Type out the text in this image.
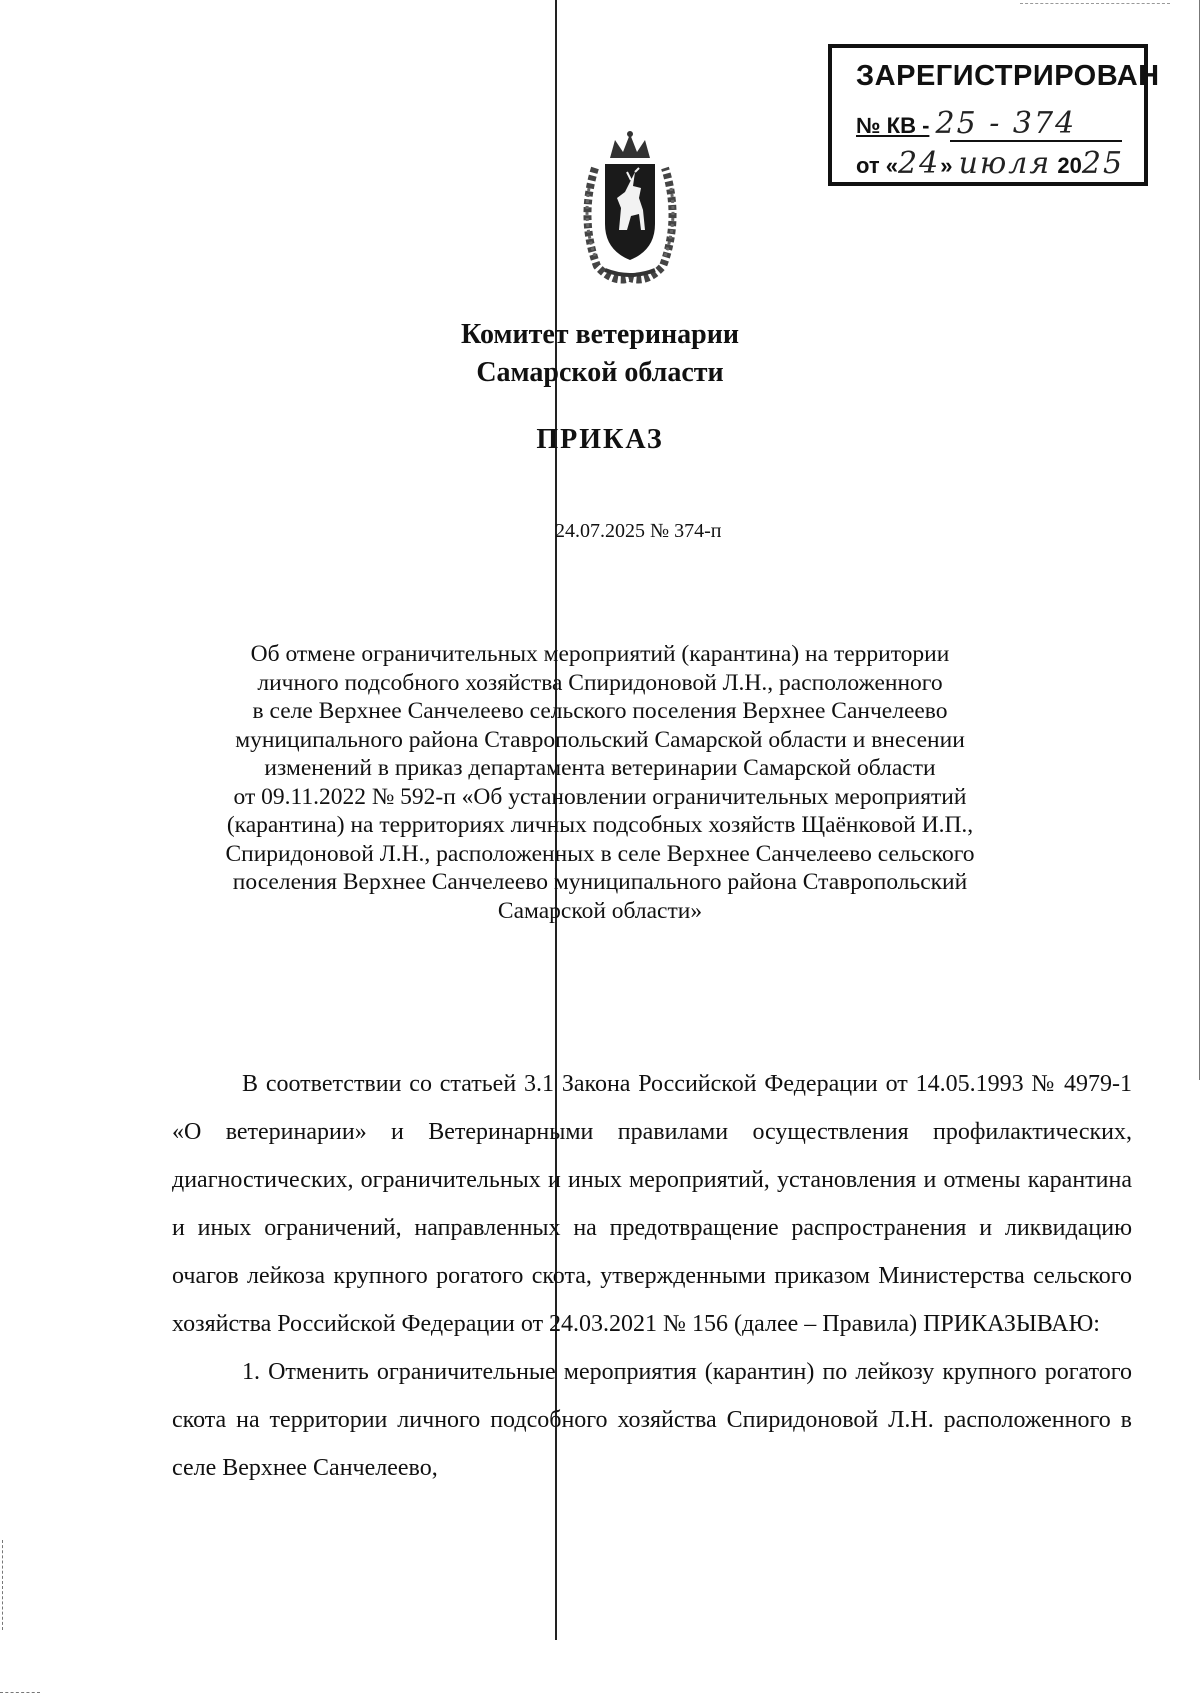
ЗАРЕГИСТРИРОВАН
№ КВ - 25 - 374
от «24» июля 2025
Комитет ветеринарии
Самарской области
ПРИКАЗ
24.07.2025 № 374-п
Об отмене ограничительных мероприятий (карантина) на территории
личного подсобного хозяйства Спиридоновой Л.Н., расположенного
в селе Верхнее Санчелеево сельского поселения Верхнее Санчелеево
муниципального района Ставропольский Самарской области и внесении
изменений в приказ департамента ветеринарии Самарской области
от 09.11.2022 № 592-п «Об установлении ограничительных мероприятий
(карантина) на территориях личных подсобных хозяйств Щаёнковой И.П.,
Спиридоновой Л.Н., расположенных в селе Верхнее Санчелеево сельского
поселения Верхнее Санчелеево муниципального района Ставропольский
Самарской области»

В соответствии со статьей 3.1 Закона Российской Федерации от 14.05.1993 № 4979-1 «О ветеринарии» и Ветеринарными правилами осуществления профилактических, диагностических, ограничительных и иных мероприятий, установления и отмены карантина и иных ограничений, направленных на предотвращение распространения и ликвидацию очагов лейкоза крупного рогатого скота, утвержденными приказом Министерства сельского хозяйства Российской Федерации от 24.03.2021 № 156 (далее – Правила) ПРИКАЗЫВАЮ:

1. Отменить ограничительные мероприятия (карантин) по лейкозу крупного рогатого скота на территории личного подсобного хозяйства Спиридоновой Л.Н. расположенного в селе Верхнее Санчелеево,
